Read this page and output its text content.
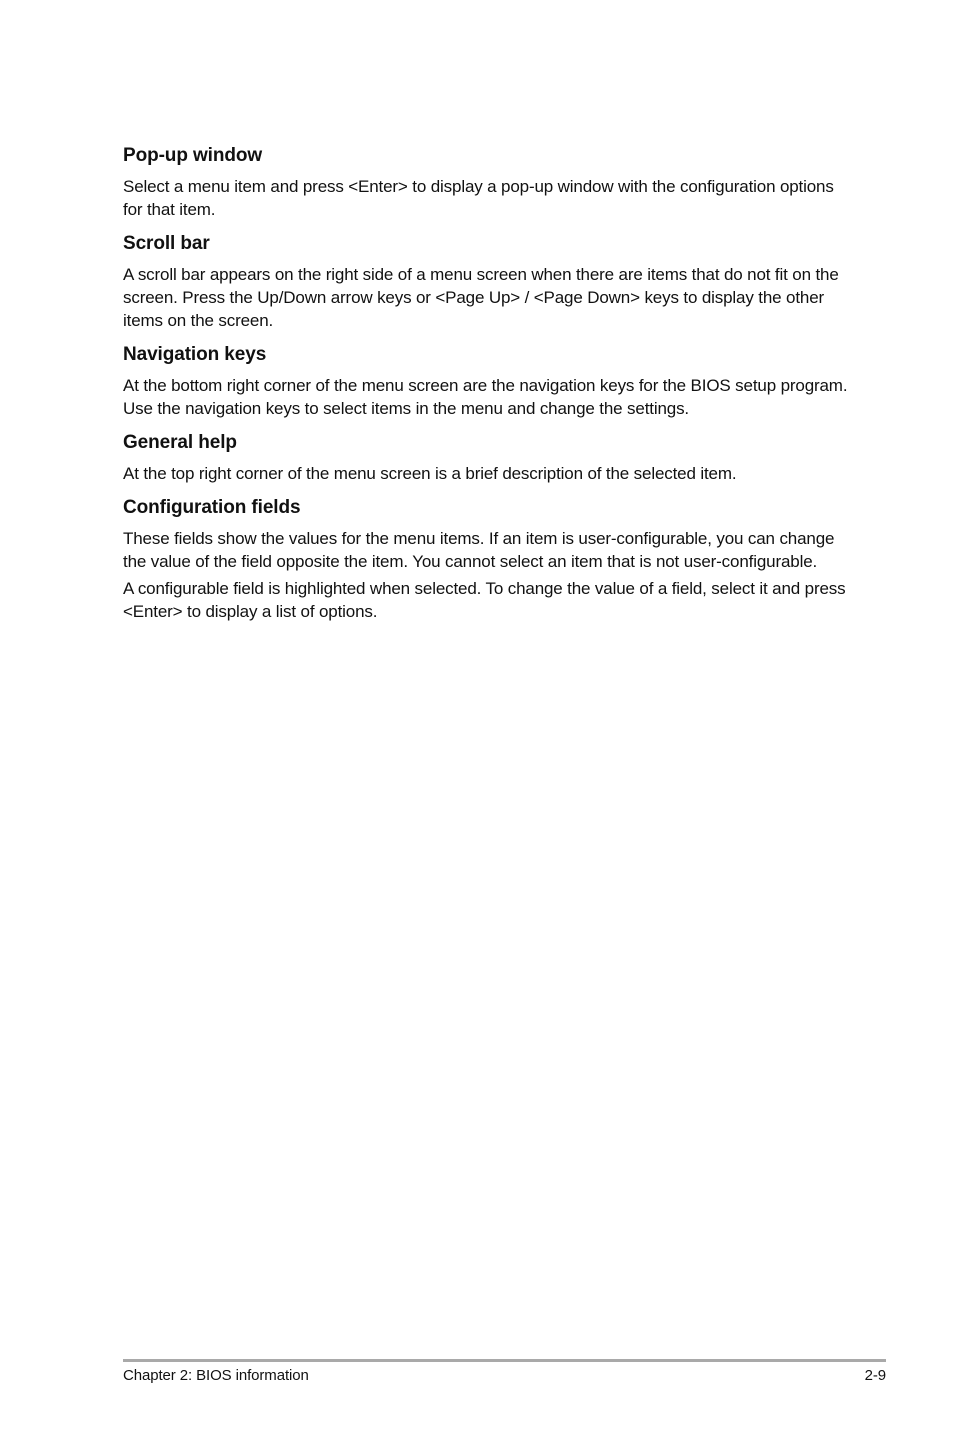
Pop-up window

Select a menu item and press <Enter> to display a pop-up window with the configuration options for that item.

Scroll bar

A scroll bar appears on the right side of a menu screen when there are items that do not fit on the screen. Press the Up/Down arrow keys or <Page Up> / <Page Down> keys to display the other items on the screen.

Navigation keys

At the bottom right corner of the menu screen are the navigation keys for the BIOS setup program. Use the navigation keys to select items in the menu and change the settings.

General help

At the top right corner of the menu screen is a brief description of the selected item.

Configuration fields

These fields show the values for the menu items. If an item is user-configurable, you can change the value of the field opposite the item. You cannot select an item that is not user-configurable.

A configurable field is highlighted when selected. To change the value of a field, select it and press <Enter> to display a list of options.

Chapter 2: BIOS information	2-9
